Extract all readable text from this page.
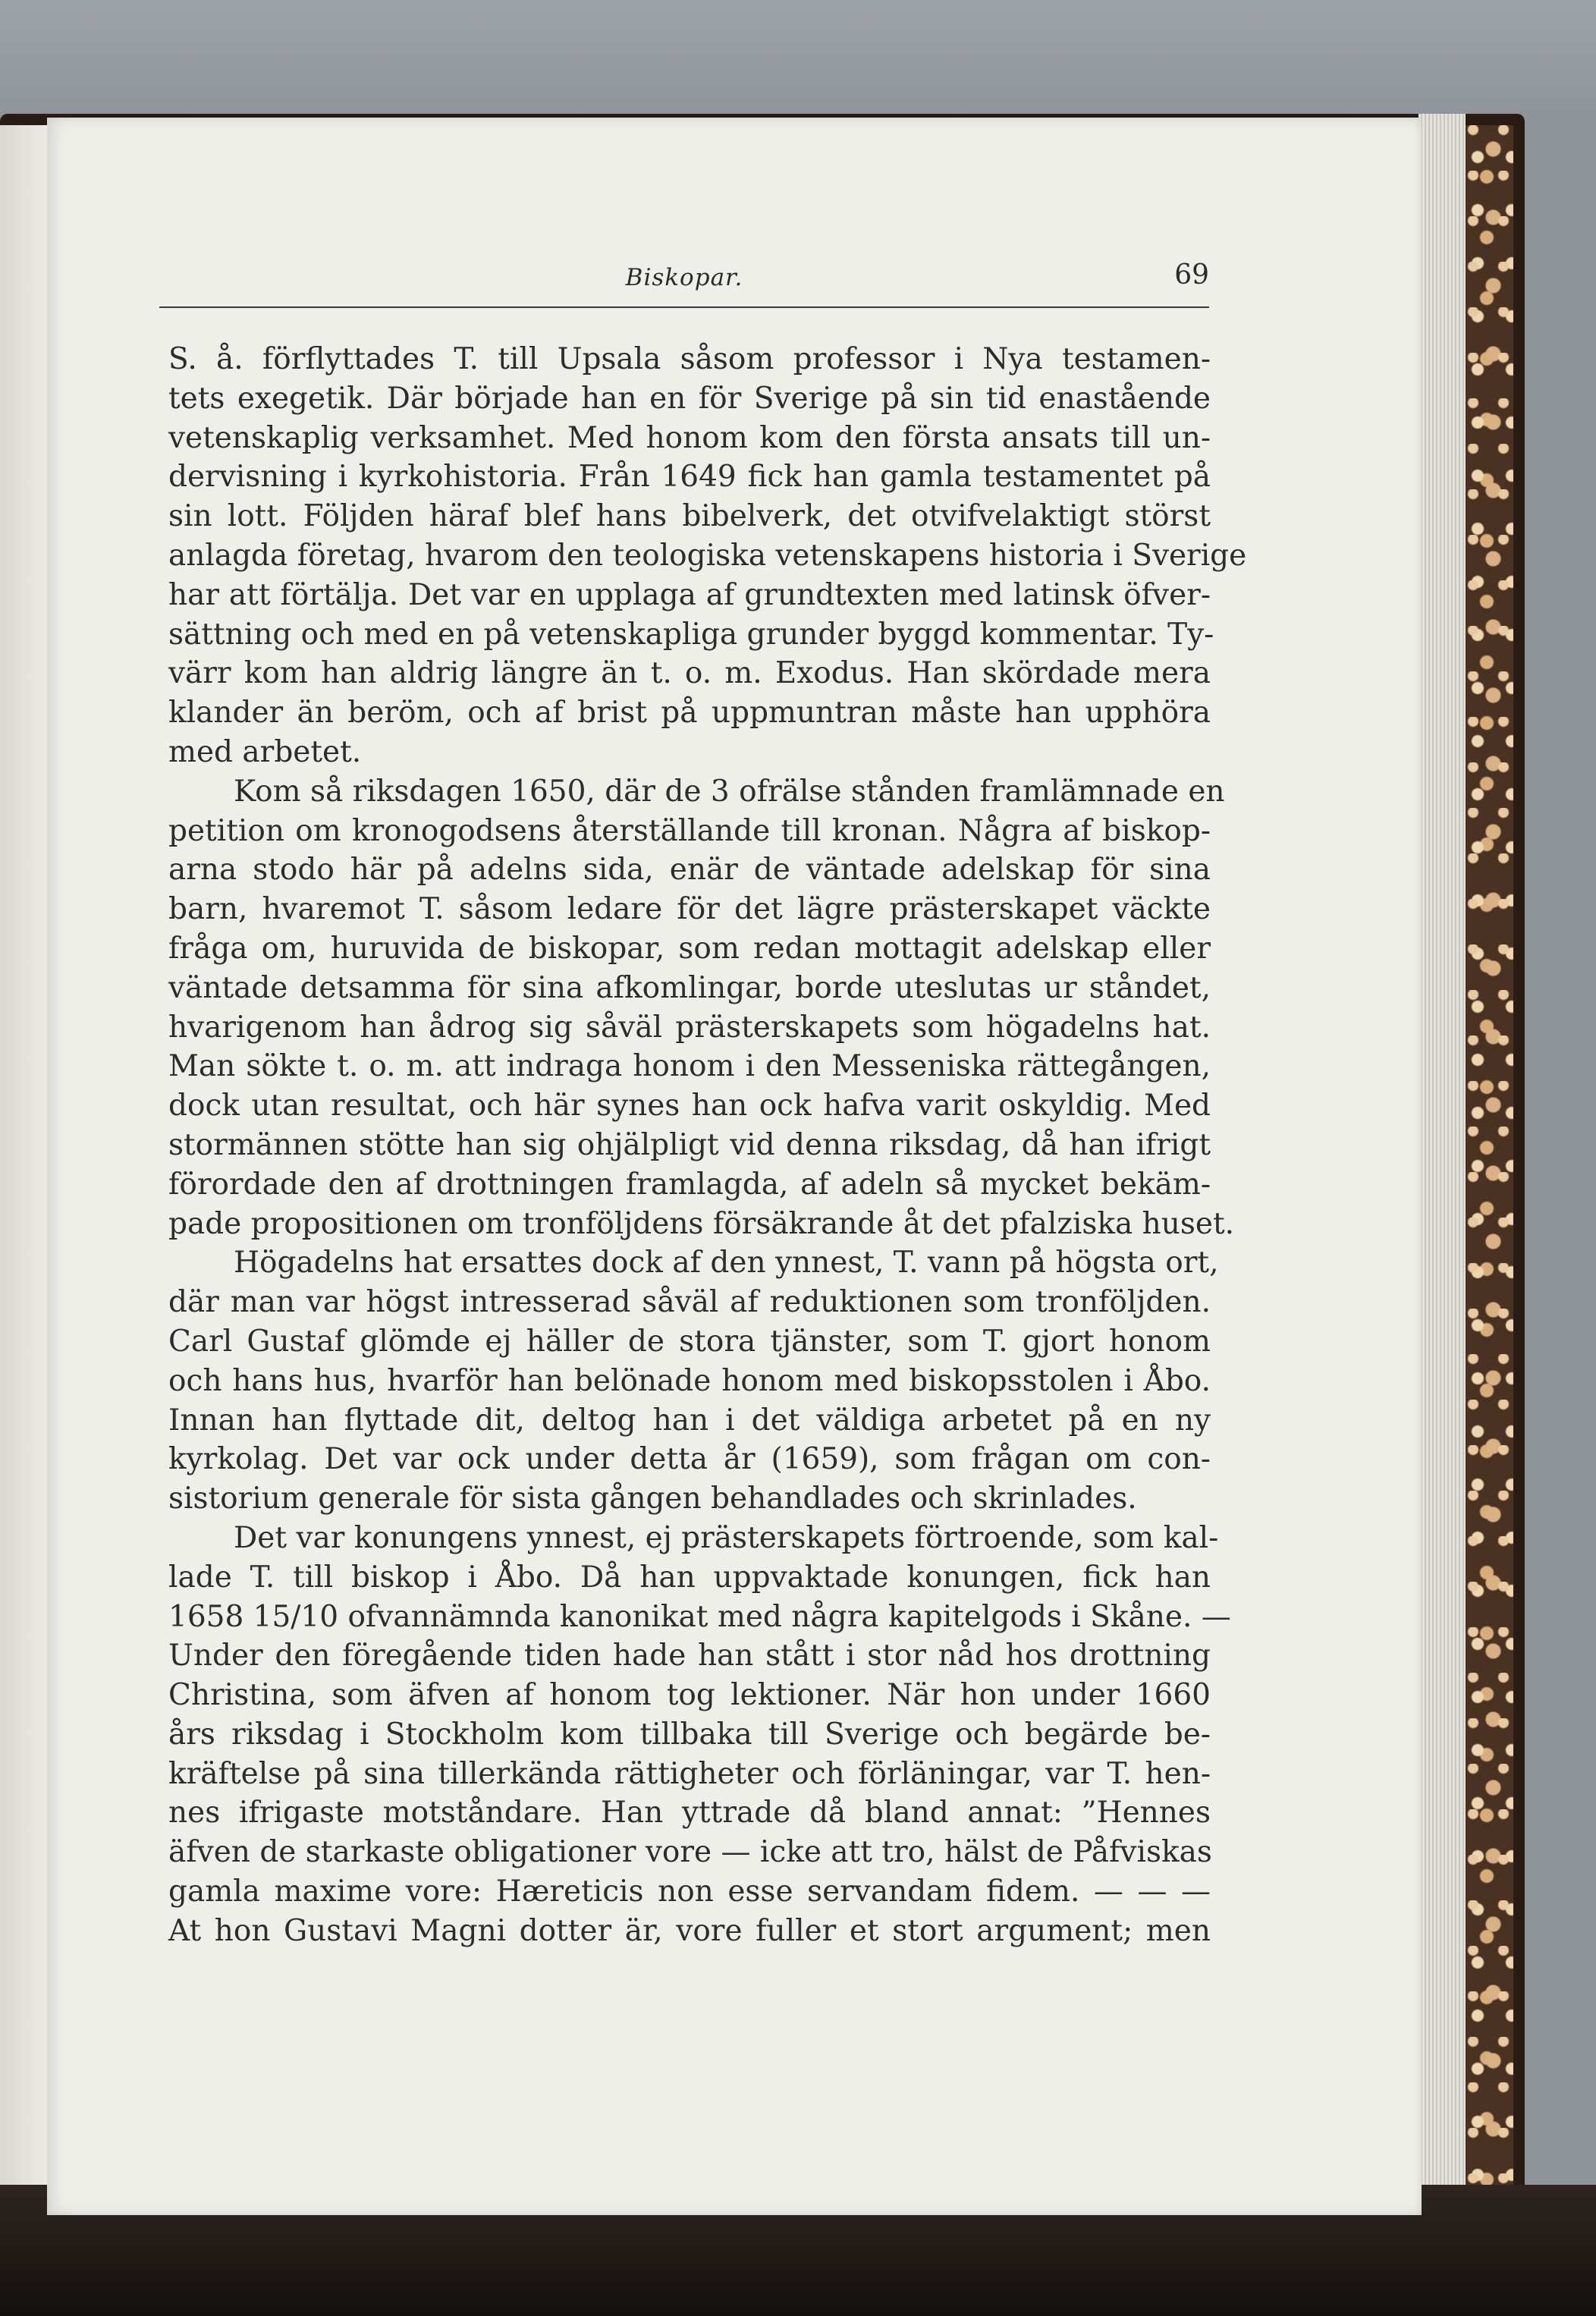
Biskopar.	69
S. å. förflyttades T. till Upsala såsom professor i Nya testamen-
tets exegetik. Där började han en för Sverige på sin tid enastående
vetenskaplig verksamhet. Med honom kom den första ansats till un-
dervisning i kyrkohistoria. Från 1649 fick han gamla testamentet på
sin lott. Följden häraf blef hans bibelverk, det otvifvelaktigt störst
anlagda företag, hvarom den teologiska vetenskapens historia i Sverige
har att förtälja. Det var en upplaga af grundtexten med latinsk öfver-
sättning och med en på vetenskapliga grunder byggd kommentar. Ty-
värr kom han aldrig längre än t. o. m. Exodus. Han skördade mera
klander än beröm, och af brist på uppmuntran måste han upphöra
med arbetet.
Kom så riksdagen 1650, där de 3 ofrälse stånden framlämnade en
petition om kronogodsens återställande till kronan. Några af biskop-
arna stodo här på adelns sida, enär de väntade adelskap för sina
barn, hvaremot T. såsom ledare för det lägre prästerskapet väckte
fråga om, huruvida de biskopar, som redan mottagit adelskap eller
väntade detsamma för sina afkomlingar, borde uteslutas ur ståndet,
hvarigenom han ådrog sig såväl prästerskapets som högadelns hat.
Man sökte t. o. m. att indraga honom i den Messeniska rättegången,
dock utan resultat, och här synes han ock hafva varit oskyldig. Med
stormännen stötte han sig ohjälpligt vid denna riksdag, då han ifrigt
förordade den af drottningen framlagda, af adeln så mycket bekäm-
pade propositionen om tronföljdens försäkrande åt det pfalziska huset.
Högadelns hat ersattes dock af den ynnest, T. vann på högsta ort,
där man var högst intresserad såväl af reduktionen som tronföljden.
Carl Gustaf glömde ej häller de stora tjänster, som T. gjort honom
och hans hus, hvarför han belönade honom med biskopsstolen i Åbo.
Innan han flyttade dit, deltog han i det väldiga arbetet på en ny
kyrkolag. Det var ock under detta år (1659), som frågan om con-
sistorium generale för sista gången behandlades och skrinlades.
Det var konungens ynnest, ej prästerskapets förtroende, som kal-
lade T. till biskop i Åbo. Då han uppvaktade konungen, fick han
1658 15/10 ofvannämnda kanonikat med några kapitelgods i Skåne. —
Under den föregående tiden hade han stått i stor nåd hos drottning
Christina, som äfven af honom tog lektioner. När hon under 1660
års riksdag i Stockholm kom tillbaka till Sverige och begärde be-
kräftelse på sina tillerkända rättigheter och förläningar, var T. hen-
nes ifrigaste motståndare. Han yttrade då bland annat: ”Hennes
äfven de starkaste obligationer vore — icke att tro, hälst de Påfviskas
gamla maxime vore: Hæreticis non esse servandam fidem. — — —
At hon Gustavi Magni dotter är, vore fuller et stort argument; men
